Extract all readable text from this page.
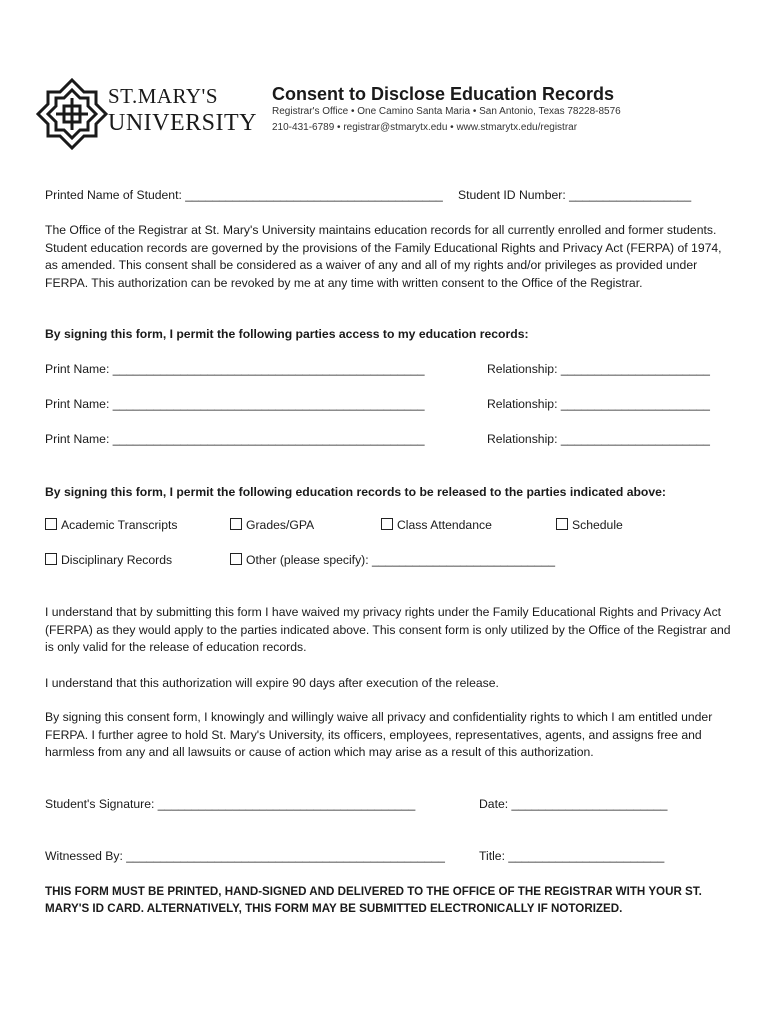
ST.MARY'S
UNIVERSITY
Consent to Disclose Education Records
Registrar's Office • One Camino Santa Maria • San Antonio, Texas 78228-8576
210-431-6789 • registrar@stmarytx.edu • www.stmarytx.edu/registrar
Printed Name of Student: ______________________________________ Student ID Number: __________________
The Office of the Registrar at St. Mary's University maintains education records for all currently enrolled and former students. Student education records are governed by the provisions of the Family Educational Rights and Privacy Act (FERPA) of 1974, as amended. This consent shall be considered as a waiver of any and all of my rights and/or privileges as provided under FERPA. This authorization can be revoked by me at any time with written consent to the Office of the Registrar.
By signing this form, I permit the following parties access to my education records:
Print Name: ______________________________________________	Relationship: ______________________
Print Name: ______________________________________________	Relationship: ______________________
Print Name: ______________________________________________	Relationship: ______________________
By signing this form, I permit the following education records to be released to the parties indicated above:
Academic Transcripts	Grades/GPA	Class Attendance	Schedule
Disciplinary Records	Other (please specify): ___________________________
I understand that by submitting this form I have waived my privacy rights under the Family Educational Rights and Privacy Act (FERPA) as they would apply to the parties indicated above. This consent form is only utilized by the Office of the Registrar and is only valid for the release of education records.
I understand that this authorization will expire 90 days after execution of the release.
By signing this consent form, I knowingly and willingly waive all privacy and confidentiality rights to which I am entitled under FERPA. I further agree to hold St. Mary's University, its officers, employees, representatives, agents, and assigns free and harmless from any and all lawsuits or cause of action which may arise as a result of this authorization.
Student's Signature: ______________________________________	Date: _______________________
Witnessed By: _______________________________________________	Title: _______________________
THIS FORM MUST BE PRINTED, HAND-SIGNED AND DELIVERED TO THE OFFICE OF THE REGISTRAR WITH YOUR ST. MARY'S ID CARD. ALTERNATIVELY, THIS FORM MAY BE SUBMITTED ELECTRONICALLY IF NOTORIZED.
